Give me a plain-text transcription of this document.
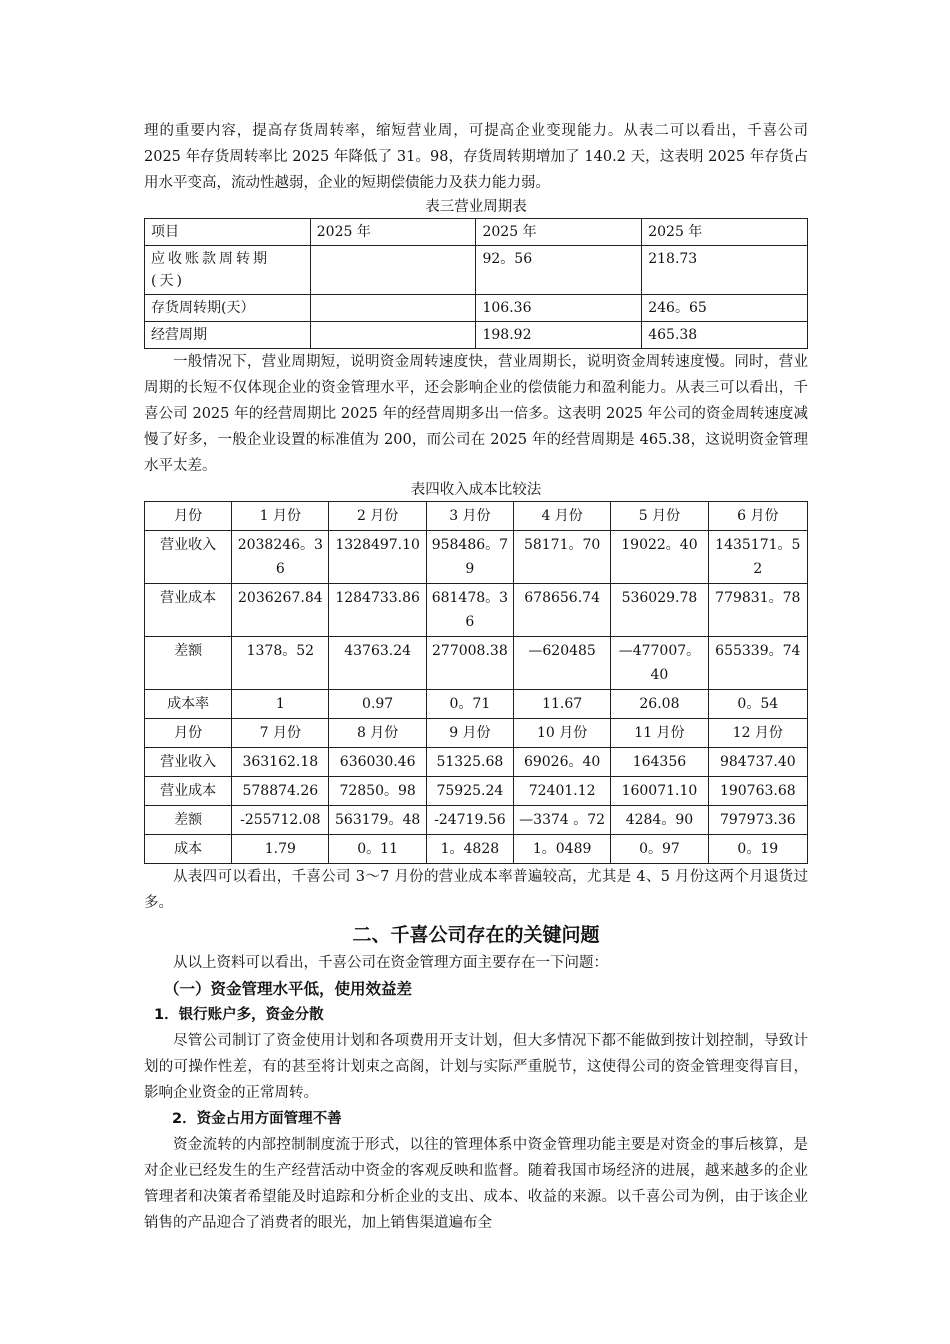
理的重要内容，提高存货周转率，缩短营业周，可提高企业变现能力。从表二可以看出，千喜公司 2025 年存货周转率比 2025 年降低了 31。98，存货周转期增加了 140.2 天，这表明 2025 年存货占用水平变高，流动性越弱，企业的短期偿债能力及获力能力弱。

表三营业周期表
项目	2025 年	2025 年	2025 年
应收账款周转期(天)		92。56	218.73
存货周转期(天）		106.36	246。65
经营周期		198.92	465.38

一般情况下，营业周期短，说明资金周转速度快，营业周期长，说明资金周转速度慢。同时，营业周期的长短不仅体现企业的资金管理水平，还会影响企业的偿债能力和盈利能力。从表三可以看出，千喜公司 2025 年的经营周期比 2025 年的经营周期多出一倍多。这表明 2025 年公司的资金周转速度减慢了好多，一般企业设置的标准值为 200，而公司在 2025 年的经营周期是 465.38，这说明资金管理水平太差。

表四收入成本比较法
月份	1 月份	2 月份	3 月份	4 月份	5 月份	6 月份
营业收入	2038246。36	1328497.10	958486。79	58171。70	19022。40	1435171。52
营业成本	2036267.84	1284733.86	681478。36	678656.74	536029.78	779831。78
差额	1378。52	43763.24	277008.38	—620485	—477007。40	655339。74
成本率	1	0.97	0。71	11.67	26.08	0。54
月份	7 月份	8 月份	9 月份	10 月份	11 月份	12 月份
营业收入	363162.18	636030.46	51325.68	69026。40	164356	984737.40
营业成本	578874.26	72850。98	75925.24	72401.12	160071.10	190763.68
差额	-255712.08	563179。48	-24719.56	—3374 。72	4284。90	797973.36
成本	1.79	0。11	1。4828	1。0489	0。97	0。19

从表四可以看出，千喜公司 3～7 月份的营业成本率普遍较高，尤其是 4、5 月份这两个月退货过多。

二、千喜公司存在的关键问题

从以上资料可以看出，千喜公司在资金管理方面主要存在一下问题：

（一）资金管理水平低，使用效益差
1．银行账户多，资金分散

尽管公司制订了资金使用计划和各项费用开支计划，但大多情况下都不能做到按计划控制，导致计划的可操作性差，有的甚至将计划束之高阁，计划与实际严重脱节，这使得公司的资金管理变得盲目，影响企业资金的正常周转。

2．资金占用方面管理不善

资金流转的内部控制制度流于形式，以往的管理体系中资金管理功能主要是对资金的事后核算，是对企业已经发生的生产经营活动中资金的客观反映和监督。随着我国市场经济的进展，越来越多的企业管理者和决策者希望能及时追踪和分析企业的支出、成本、收益的来源。以千喜公司为例，由于该企业销售的产品迎合了消费者的眼光，加上销售渠道遍布全
